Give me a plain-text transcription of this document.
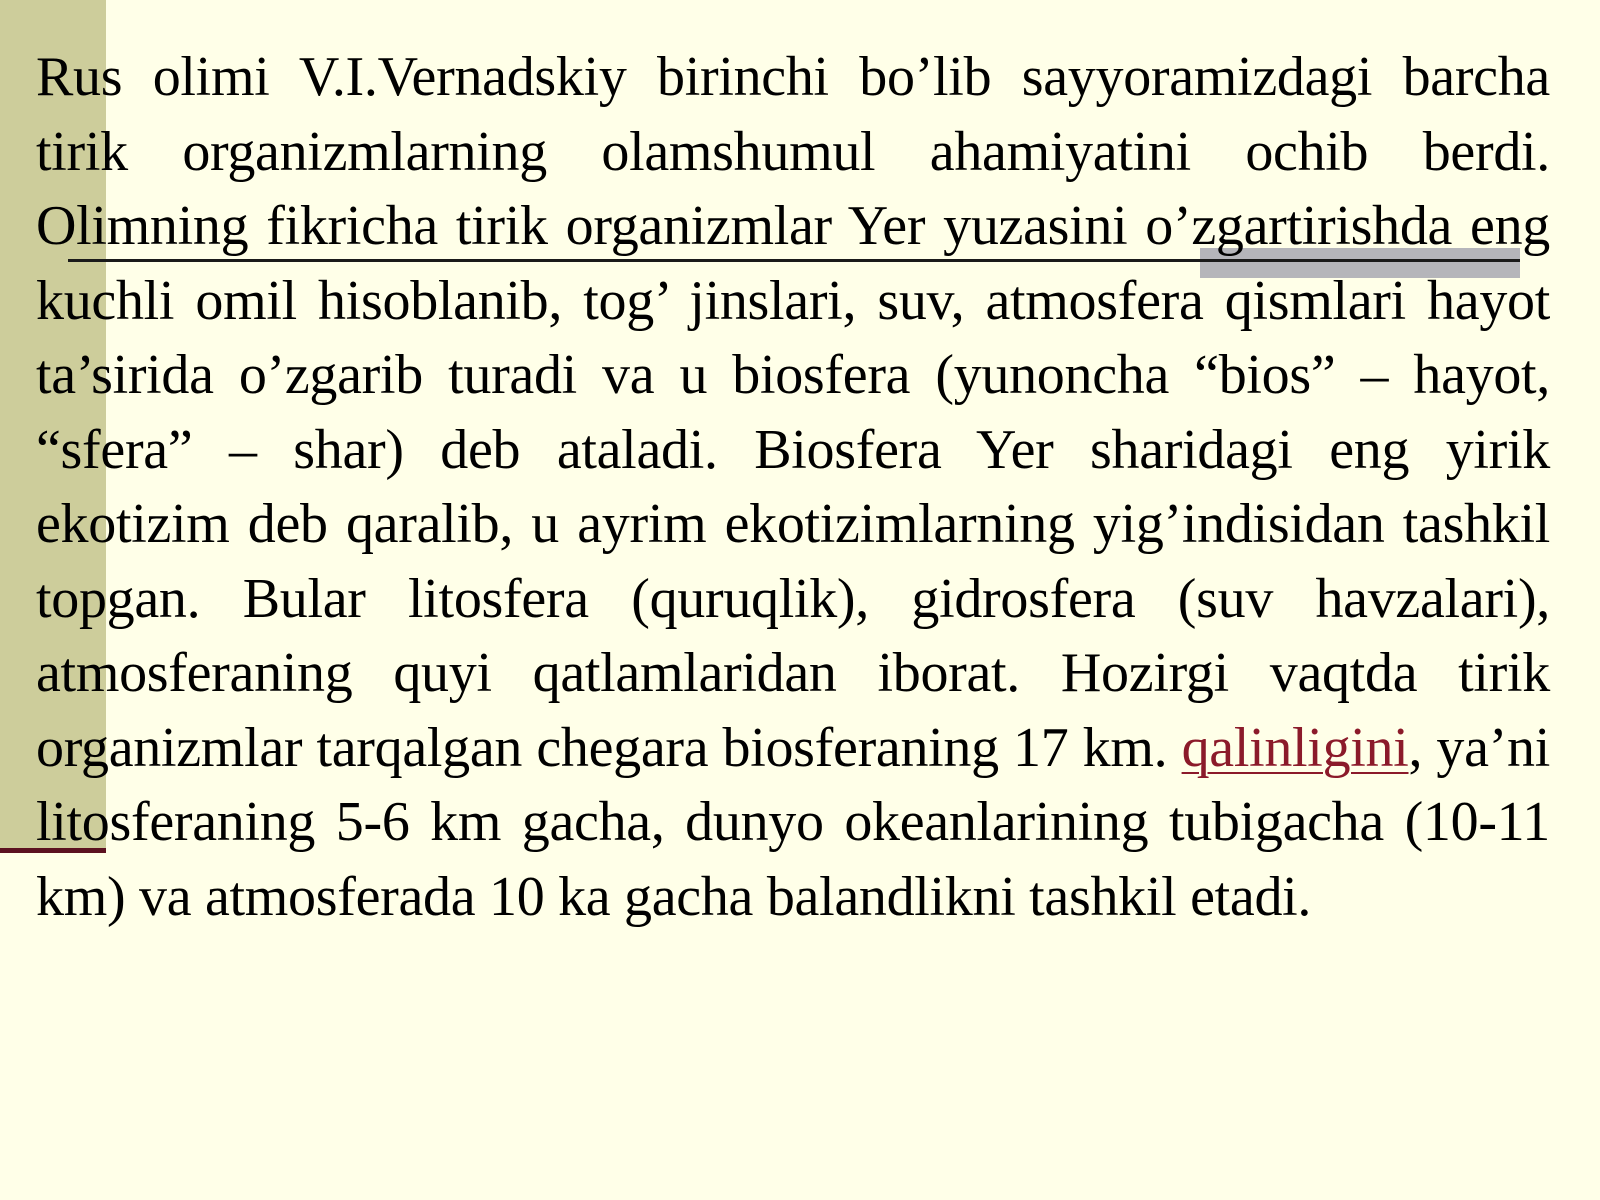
Rus olimi V.I.Vernadskiy birinchi bo’lib sayyoramizdagi barcha tirik organizmlarning olamshumul ahamiyatini ochib berdi. Olimning fikricha tirik organizmlar Yer yuzasini o’zgartirishda eng kuchli omil hisoblanib, tog’ jinslari, suv, atmosfera qismlari hayot ta’sirida o’zgarib turadi va u biosfera (yunoncha “bios” – hayot, “sfera” – shar) deb ataladi. Biosfera Yer sharidagi eng yirik ekotizim deb qaralib, u ayrim ekotizimlarning yig’indisidan tashkil topgan. Bular litosfera (quruqlik), gidrosfera (suv havzalari), atmosferaning quyi qatlamlaridan iborat. Hozirgi vaqtda tirik organizmlar tarqalgan chegara biosferaning 17 km. qalinligini, ya’ni litosferaning 5-6 km gacha, dunyo okeanlarining tubigacha (10-11 km) va atmosferada 10 ka gacha balandlikni tashkil etadi.
